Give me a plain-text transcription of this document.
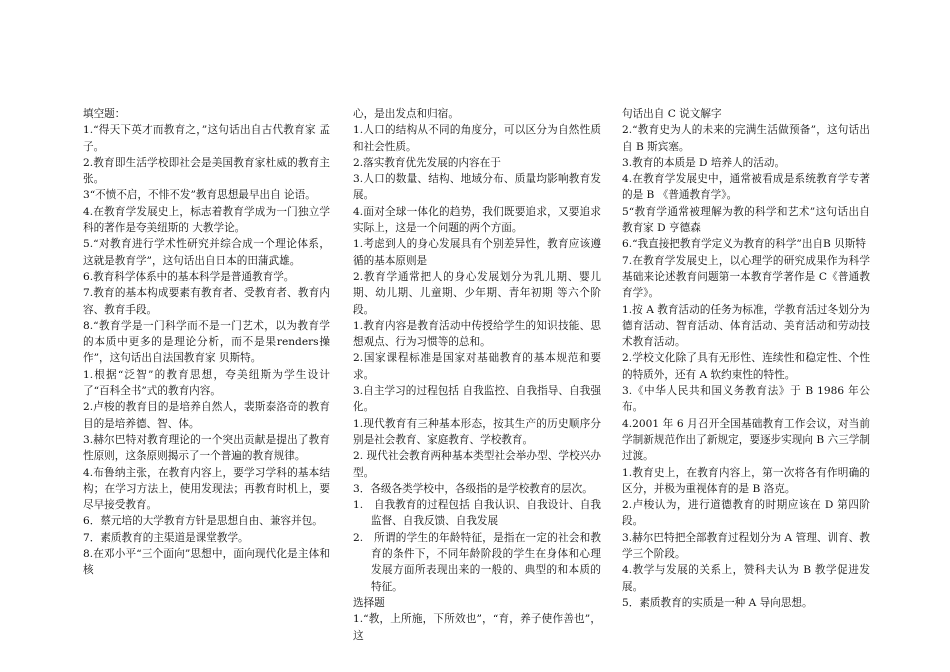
填空题：

1.“得天下英才而教育之，”这句话出自古代教育家 孟子。

2.教育即生活学校即社会是美国教育家杜威的教育主张。

3“不愤不启，不悱不发”教育思想最早出自 论语。

4.在教育学发展史上，标志着教育学成为一门独立学科的著作是夸美纽斯的 大教学论。

5.“对教育进行学术性研究并综合成一个理论体系，这就是教育学”，这句话出自日本的田蒲武雄。

6.教育科学体系中的基本科学是普通教育学。

7.教育的基本构成要素有教育者、受教育者、教育内容、教育手段。

8.“教育学是一门科学而不是一门艺术，以为教育学的本质中更多的是理论分析，而不是果renders操作”，这句话出自法国教育家 贝斯特。

1.根据“泛智”的教育思想，夸美纽斯为学生设计了“百科全书”式的教育内容。

2.卢梭的教育目的是培养自然人，裴斯泰洛奇的教育目的是培养德、智、体。

3.赫尔巴特对教育理论的一个突出贡献是提出了教育性原则，这条原则揭示了一个普遍的教育规律。

4.布鲁纳主张，在教育内容上，要学习学科的基本结构；在学习方法上，使用发现法；再教育时机上，要尽早接受教育。

6．蔡元培的大学教育方针是思想自由、兼容并包。

7．素质教育的主渠道是课堂教学。

8.在邓小平“三个面向”思想中，面向现代化是主体和核

心，是出发点和归宿。

1.人口的结构从不同的角度分，可以区分为自然性质和社会性质。

2.落实教育优先发展的内容在于

3.人口的数量、结构、地域分布、质量均影响教育发展。

4.面对全球一体化的趋势，我们既要追求，又要追求 实际上，这是一个问题的两个方面。

1.考虑到人的身心发展具有个别差异性，教育应该遵循的基本原则是

2.教育学通常把人的身心发展划分为乳儿期、婴儿期、幼儿期、儿童期、少年期、青年初期 等六个阶段。

1.教育内容是教育活动中传授给学生的知识技能、思想观点、行为习惯等的总和。

2.国家课程标准是国家对基础教育的基本规范和要求。

3.自主学习的过程包括 自我监控、自我指导、自我强化。

1.现代教育有三种基本形态，按其生产的历史顺序分别是社会教育、家庭教育、学校教育。

2. 现代社会教育两种基本类型社会举办型、学校兴办型。

3．各级各类学校中，各级指的是学校教育的层次。

1.　自我教育的过程包括 自我认识、自我设计、自我监督、自我反馈、自我发展

2.　所谓的学生的年龄特征，是指在一定的社会和教育的条件下，不同年龄阶段的学生在身体和心理发展方面所表现出来的一般的、典型的和本质的特征。

选择题

1.“教，上所施，下所效也”，“育，养子使作善也”，这

句话出自 C 说文解字

2.“教育史为人的未来的完满生活做预备”，这句话出自 B 斯宾塞。

3.教育的本质是 D 培养人的活动。

4.在教育学发展史中，通常被看成是系统教育学专著的是 B 《普通教育学》。

5“教育学通常被理解为教的科学和艺术”这句话出自教育家 D 亨德森

6.“我直接把教育学定义为教育的科学”出自B 贝斯特

7.在教育学发展史上，以心理学的研究成果作为科学基础来论述教育问题第一本教育学著作是 C《普通教育学》。

1.按 A 教育活动的任务为标准，学教育活过冬划分为德育活动、智育活动、体育活动、美育活动和劳动技术教育活动。

2.学校文化除了具有无形性、连续性和稳定性、个性的特质外，还有 A 软约束性的特性。

3.《中华人民共和国义务教育法》于 B 1986 年公布。

4.2001 年 6 月召开全国基础教育工作会议，对当前学制新规范作出了新规定，要逐步实现向 B 六三学制过渡。

1.教育史上，在教育内容上，第一次将各有作明确的区分，并极为重视体育的是 B 洛克。

2.卢梭认为，进行道德教育的时期应该在 D 第四阶段。

3.赫尔巴特把全部教育过程划分为 A 管理、训育、教学三个阶段。

4.教学与发展的关系上，赞科夫认为 B 教学促进发展。

5．素质教育的实质是一种 A 导向思想。
